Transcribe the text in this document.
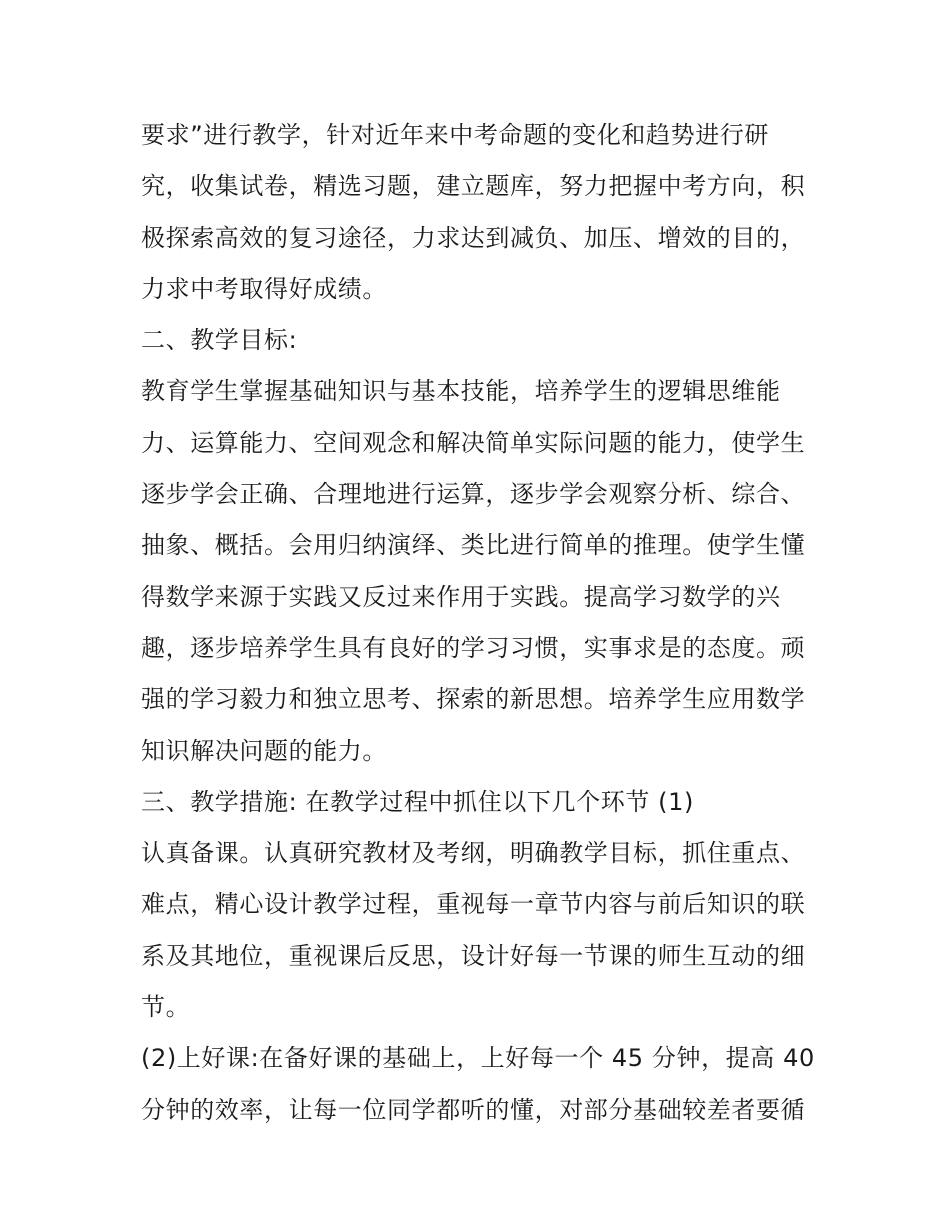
要求”进行教学，针对近年来中考命题的变化和趋势进行研
究，收集试卷，精选习题，建立题库，努力把握中考方向，积
极探索高效的复习途径，力求达到减负、加压、增效的目的，
力求中考取得好成绩。
二、教学目标:
教育学生掌握基础知识与基本技能，培养学生的逻辑思维能
力、运算能力、空间观念和解决简单实际问题的能力，使学生
逐步学会正确、合理地进行运算，逐步学会观察分析、综合、
抽象、概括。会用归纳演绎、类比进行简单的推理。使学生懂
得数学来源于实践又反过来作用于实践。提高学习数学的兴
趣，逐步培养学生具有良好的学习习惯，实事求是的态度。顽
强的学习毅力和独立思考、探索的新思想。培养学生应用数学
知识解决问题的能力。
三、教学措施: 在教学过程中抓住以下几个环节 (1)
认真备课。认真研究教材及考纲，明确教学目标，抓住重点、
难点，精心设计教学过程，重视每一章节内容与前后知识的联
系及其地位，重视课后反思，设计好每一节课的师生互动的细
节。
(2)上好课:在备好课的基础上，上好每一个 45 分钟，提高 40
分钟的效率，让每一位同学都听的懂，对部分基础较差者要循
